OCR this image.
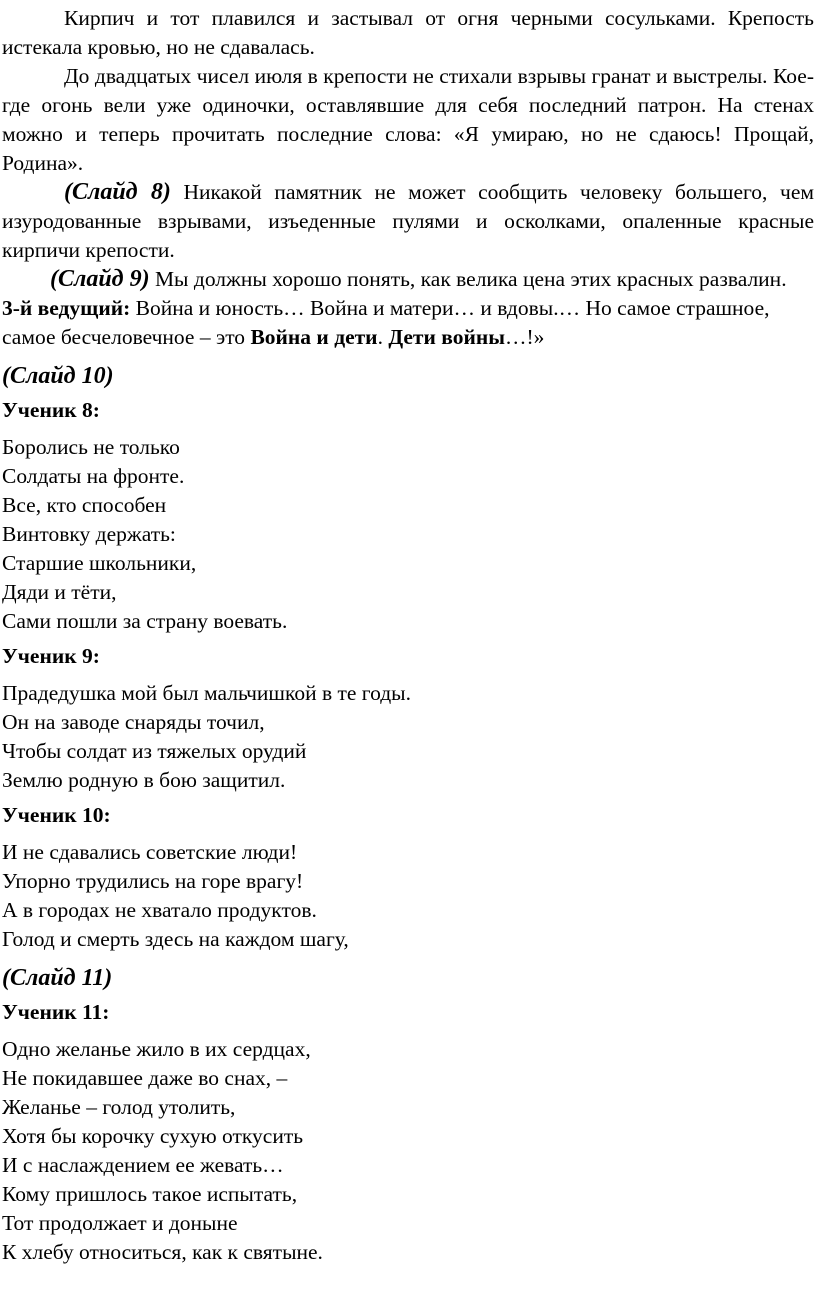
Кирпич и тот плавился и застывал от огня черными сосульками. Крепость истекала кровью, но не сдавалась.

До двадцатых чисел июля в крепости не стихали взрывы гранат и выстрелы. Кое-где огонь вели уже одиночки, оставлявшие для себя последний патрон. На стенах можно и теперь прочитать последние слова: «Я умираю, но не сдаюсь! Прощай, Родина».

(Слайд 8) Никакой памятник не может сообщить человеку большего, чем изуродованные взрывами, изъеденные пулями и осколками, опаленные красные кирпичи крепости.

(Слайд 9) Мы должны хорошо понять, как велика цена этих красных развалин.

3-й ведущий: Война и юность… Война и матери… и вдовы.… Но самое страшное, самое бесчеловечное – это Война и дети. Дети войны…!»

(Слайд 10)
Ученик 8:
Боролись не только
Солдаты на фронте.
Все, кто способен
Винтовку держать:
Старшие школьники,
Дяди и тёти,
Сами пошли за страну воевать.
Ученик 9:
Прадедушка мой был мальчишкой в те годы.
Он на заводе снаряды точил,
Чтобы солдат из тяжелых орудий
Землю родную в бою защитил.
Ученик 10:
И не сдавались советские люди!
Упорно трудились на горе врагу!
А в городах не хватало продуктов.
Голод и смерть здесь на каждом шагу,
(Слайд 11)
Ученик 11:
Одно желанье жило в их сердцах,
Не покидавшее даже во снах, –
Желанье – голод утолить,
Хотя бы корочку сухую откусить
И с наслаждением ее жевать…
Кому пришлось такое испытать,
Тот продолжает и доныне
К хлебу относиться, как к святыне.
